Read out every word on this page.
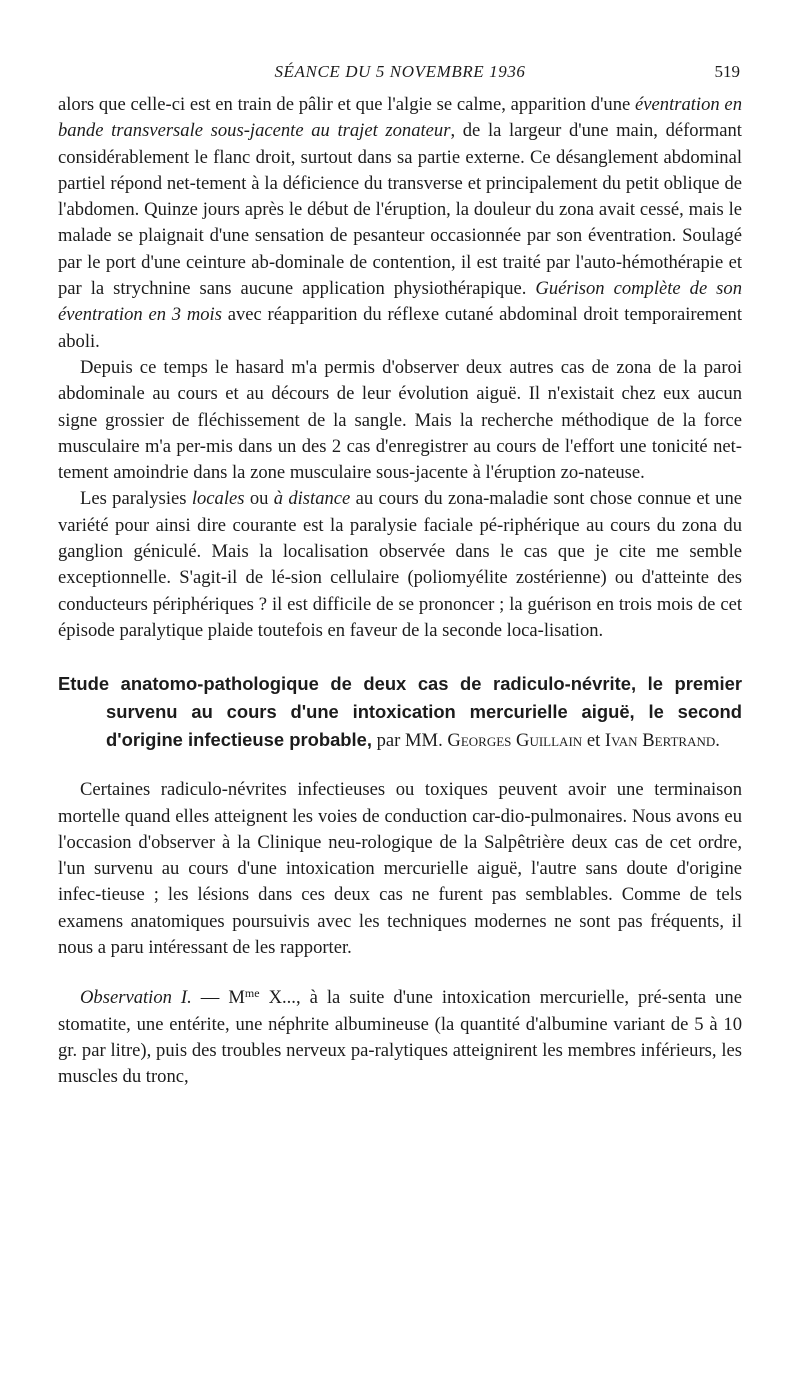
SÉANCE DU 5 NOVEMBRE 1936	519

alors que celle-ci est en train de pâlir et que l'algie se calme, apparition d'une éventration en bande transversale sous-jacente au trajet zonateur, de la largeur d'une main, déformant considérablement le flanc droit, surtout dans sa partie externe. Ce désanglement abdominal partiel répond net-tement à la déficience du transverse et principalement du petit oblique de l'abdomen. Quinze jours après le début de l'éruption, la douleur du zona avait cessé, mais le malade se plaignait d'une sensation de pesanteur occasionnée par son éventration. Soulagé par le port d'une ceinture ab-dominale de contention, il est traité par l'auto-hémothérapie et par la strychnine sans aucune application physiothérapique. Guérison complète de son éventration en 3 mois avec réapparition du réflexe cutané abdominal droit temporairement aboli.

Depuis ce temps le hasard m'a permis d'observer deux autres cas de zona de la paroi abdominale au cours et au décours de leur évolution aiguë. Il n'existait chez eux aucun signe grossier de fléchissement de la sangle. Mais la recherche méthodique de la force musculaire m'a per-mis dans un des 2 cas d'enregistrer au cours de l'effort une tonicité net-tement amoindrie dans la zone musculaire sous-jacente à l'éruption zo-nateuse.

Les paralysies locales ou à distance au cours du zona-maladie sont chose connue et une variété pour ainsi dire courante est la paralysie faciale pé-riphérique au cours du zona du ganglion géniculé. Mais la localisation observée dans le cas que je cite me semble exceptionnelle. S'agit-il de lé-sion cellulaire (poliomyélite zostérienne) ou d'atteinte des conducteurs périphériques ? il est difficile de se prononcer ; la guérison en trois mois de cet épisode paralytique plaide toutefois en faveur de la seconde loca-lisation.

Etude anatomo-pathologique de deux cas de radiculo-névrite, le premier survenu au cours d'une intoxication mercurielle aiguë, le second d'origine infectieuse probable, par MM. Georges Guillain et Ivan Bertrand.

Certaines radiculo-névrites infectieuses ou toxiques peuvent avoir une terminaison mortelle quand elles atteignent les voies de conduction car-dio-pulmonaires. Nous avons eu l'occasion d'observer à la Clinique neu-rologique de la Salpêtrière deux cas de cet ordre, l'un survenu au cours d'une intoxication mercurielle aiguë, l'autre sans doute d'origine infec-tieuse ; les lésions dans ces deux cas ne furent pas semblables. Comme de tels examens anatomiques poursuivis avec les techniques modernes ne sont pas fréquents, il nous a paru intéressant de les rapporter.

Observation I. — $M^{me}$ X..., à la suite d'une intoxication mercurielle, pré-senta une stomatite, une entérite, une néphrite albumineuse (la quantité d'albumine variant de 5 à 10 gr. par litre), puis des troubles nerveux pa-ralytiques atteignirent les membres inférieurs, les muscles du tronc,
